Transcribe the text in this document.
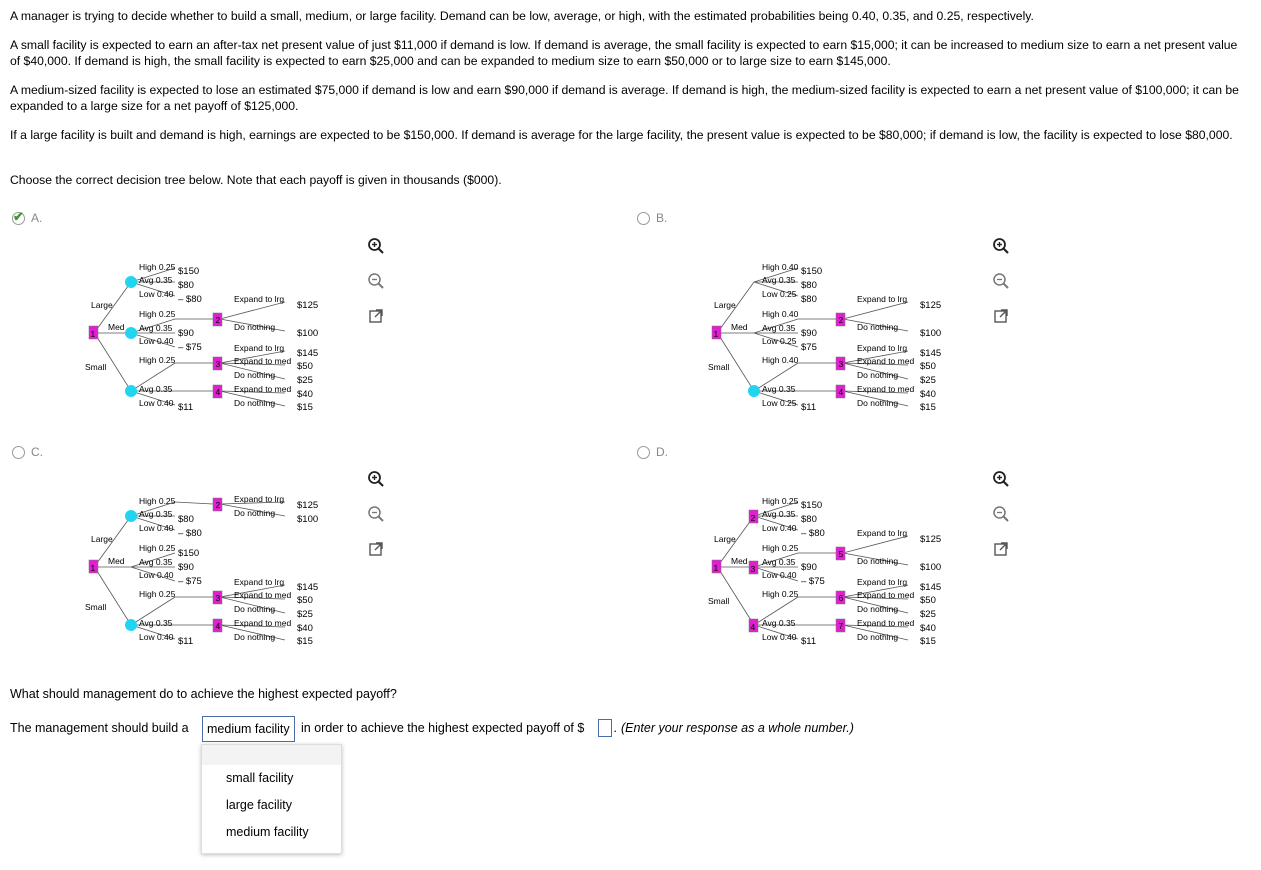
A manager is trying to decide whether to build a small, medium, or large facility. Demand can be low, average, or high, with the estimated probabilities being 0.40, 0.35, and 0.25, respectively.

A small facility is expected to earn an after-tax net present value of just $11,000 if demand is low. If demand is average, the small facility is expected to earn $15,000; it can be increased to medium size to earn a net present value of $40,000. If demand is high, the small facility is expected to earn $25,000 and can be expanded to medium size to earn $50,000 or to large size to earn $145,000.

A medium-sized facility is expected to lose an estimated $75,000 if demand is low and earn $90,000 if demand is average. If demand is high, the medium-sized facility is expected to earn a net present value of $100,000; it can be expanded to a large size for a net payoff of $125,000.

If a large facility is built and demand is high, earnings are expected to be $150,000. If demand is average for the large facility, the present value is expected to be $80,000; if demand is low, the facility is expected to lose $80,000.

Choose the correct decision tree below. Note that each payoff is given in thousands ($000).

✔ A.	B.
C.	D.
1
2
3
4
Large
Med
Small
High 0.25
Avg 0.35
Low 0.40
High 0.25
Avg 0.35
Low 0.40
High 0.25
Avg 0.35
Low 0.40
$150
$80
– $80
$90
– $75
$11
Expand to lrg
Do nothing
Expand to lrg
Expand to med
Do nothing
Expand to med
Do nothing
$125
$100
$145
$50
$25
$40
$15
1
2
3
4
Large
Med
Small
High 0.40
Avg 0.35
Low 0.25
High 0.40
Avg 0.35
Low 0.25
High 0.40
Avg 0.35
Low 0.25
$150
$80
$80
$90
$75
$11
Expand to lrg
Do nothing
Expand to lrg
Expand to med
Do nothing
Expand to med
Do nothing
$125
$100
$145
$50
$25
$40
$15
1
2
3
4
Large
Med
Small
High 0.25
Avg 0.35
Low 0.40
High 0.25
Avg 0.35
Low 0.40
High 0.25
Avg 0.35
Low 0.40
$80
– $80
$150
$90
– $75
$11
Expand to lrg
Do nothing
Expand to lrg
Expand to med
Do nothing
Expand to med
Do nothing
$125
$100
$145
$50
$25
$40
$15
1
2
3
4
5
6
7
Large
Med
Small
High 0.25
Avg 0.35
Low 0.40
High 0.25
Avg 0.35
Low 0.40
High 0.25
Avg 0.35
Low 0.40
$150
$80
– $80
$90
– $75
$11
Expand to lrg
Do nothing
Expand to lrg
Expand to med
Do nothing
Expand to med
Do nothing
$125
$100
$145
$50
$25
$40
$15
What should management do to achieve the highest expected payoff?
The management should build a	medium facility in order to achieve the highest expected payoff of $ . (Enter your response as a whole number.)
small facility
large facility
medium facility
